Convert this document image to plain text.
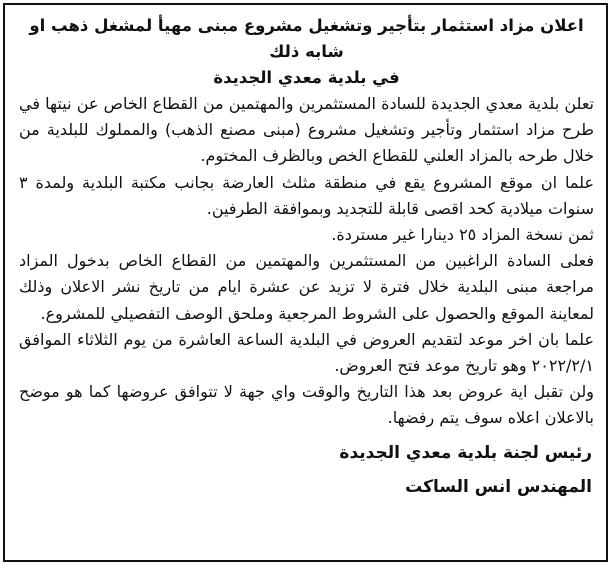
اعلان مزاد استثمار بتأجير وتشغيل مشروع مبنى مهيأ لمشغل ذهب او شابه ذلك

في بلدية معدي الجديدة

تعلن بلدية معدي الجديدة للسادة المستثمرين والمهتمين من القطاع الخاص عن نيتها في طرح مزاد استثمار وتأجير وتشغيل مشروع (مبنى مصنع الذهب) والمملوك للبلدية من خلال طرحه بالمزاد العلني للقطاع الخص وبالظرف المختوم.

علما ان موقع المشروع يقع في منطقة مثلث العارضة بجانب مكتبة البلدية ولمدة ٣ سنوات ميلادية كحد اقصى قابلة للتجديد وبموافقة الطرفين.

ثمن نسخة المزاد ٢٥ دينارا غير مستردة.

فعلى السادة الراغبين من المستثمرين والمهتمين من القطاع الخاص بدخول المزاد مراجعة مبنى البلدية خلال فترة لا تزيد عن عشرة ايام من تاريخ نشر الاعلان وذلك لمعاينة الموقع والحصول على الشروط المرجعية وملحق الوصف التفصيلي للمشروع.

علما بان اخر موعد لتقديم العروض في البلدية الساعة العاشرة من يوم الثلاثاء الموافق ٢٠٢٢/٢/١ وهو تاريخ موعد فتح العروض.

ولن تقبل اية عروض بعد هذا التاريخ والوقت واي جهة لا تتوافق عروضها كما هو موضح بالاعلان اعلاه سوف يتم رفضها.

رئيس لجنة بلدية معدي الجديدة

المهندس انس الساكت
